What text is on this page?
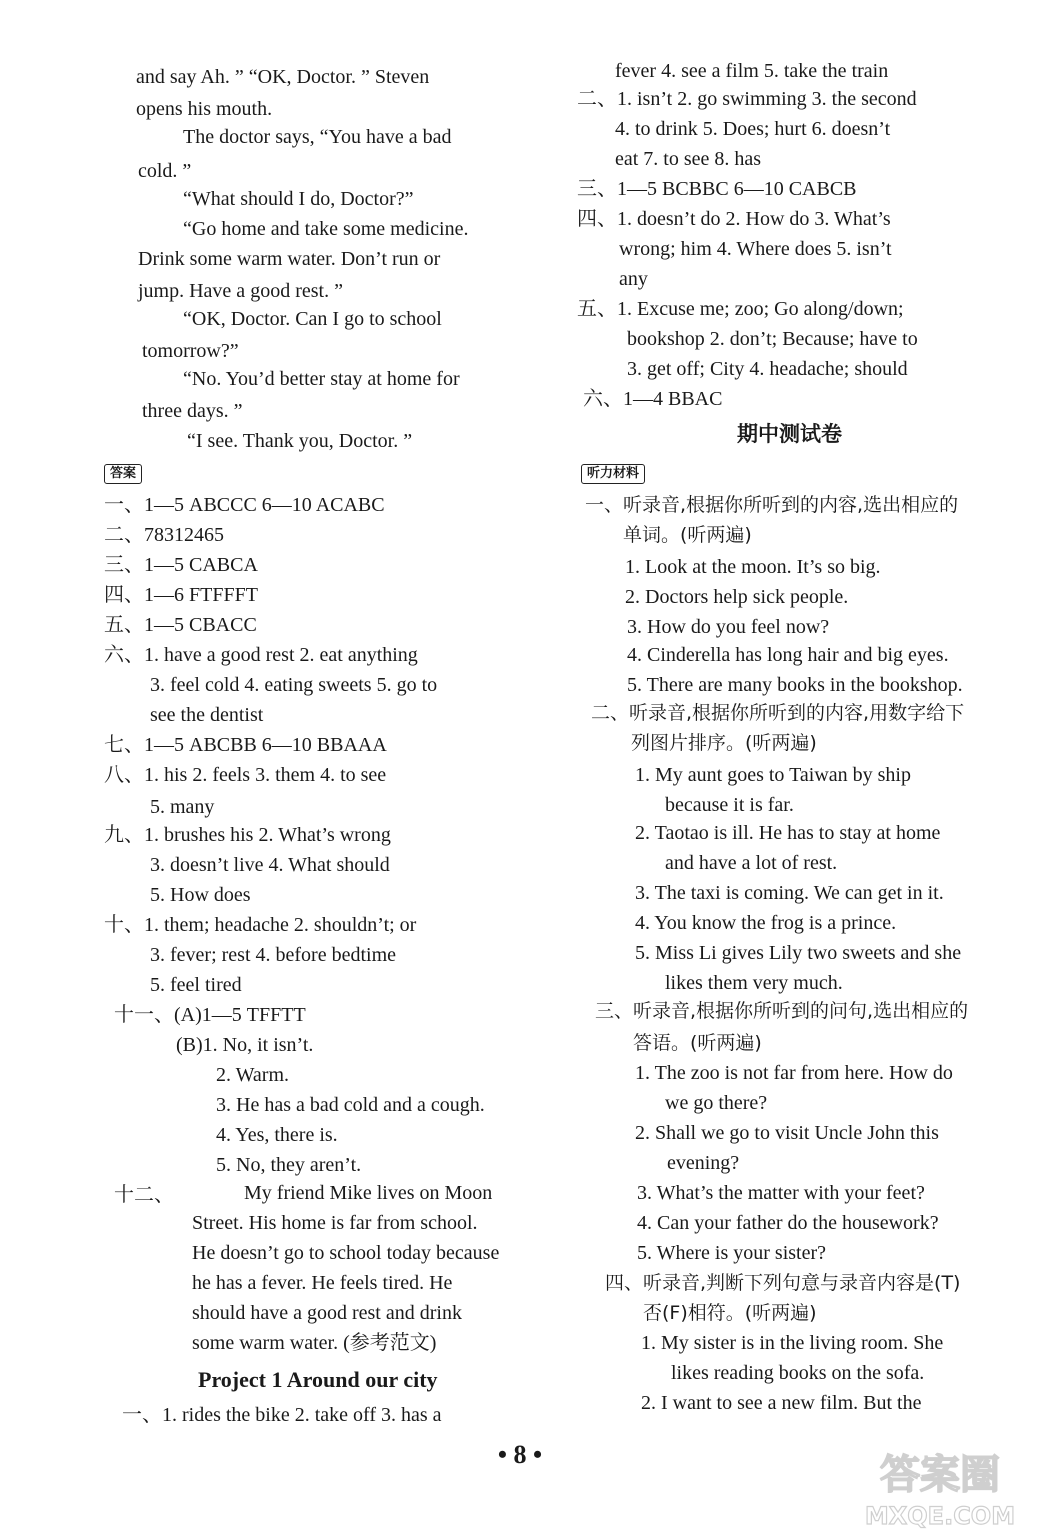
and say Ah. ” “OK, Doctor. ” Steven
opens his mouth.
The doctor says, “You have a bad
cold. ”
“What should I do, Doctor?”
“Go home and take some medicine.
Drink some warm water. Don’t run or
jump. Have a good rest. ”
“OK, Doctor. Can I go to school
tomorrow?”
“No. You’d better stay at home for
three days. ”
“I see. Thank you, Doctor. ”
答案
一、1—5 ABCCC 6—10 ACABC
二、78312465
三、1—5 CABCA
四、1—6 FTFFFT
五、1—5 CBACC
六、1. have a good rest 2. eat anything
3. feel cold 4. eating sweets 5. go to
see the dentist
七、1—5 ABCBB 6—10 BBAAA
八、1. his 2. feels 3. them 4. to see
5. many
九、1. brushes his 2. What’s wrong
3. doesn’t live 4. What should
5. How does
十、1. them; headache 2. shouldn’t; or
3. fever; rest 4. before bedtime
5. feel tired
十一、(A)1—5 TFFTT
(B)1. No, it isn’t.
2. Warm.
3. He has a bad cold and a cough.
4. Yes, there is.
5. No, they aren’t.
十二、	My friend Mike lives on Moon
Street. His home is far from school.
He doesn’t go to school today because
he has a fever. He feels tired. He
should have a good rest and drink
some warm water. (参考范文)
Project 1 Around our city
一、1. rides the bike 2. take off 3. has a
fever 4. see a film 5. take the train
二、1. isn’t 2. go swimming 3. the second
4. to drink 5. Does; hurt 6. doesn’t
eat 7. to see 8. has
三、1—5 BCBBC 6—10 CABCB
四、1. doesn’t do 2. How do 3. What’s
wrong; him 4. Where does 5. isn’t
any
五、1. Excuse me; zoo; Go along/down;
bookshop 2. don’t; Because; have to
3. get off; City 4. headache; should
六、1—4 BBAC
期中测试卷
听力材料
一、听录音,根据你所听到的内容,选出相应的
单词。(听两遍)
1. Look at the moon. It’s so big.
2. Doctors help sick people.
3. How do you feel now?
4. Cinderella has long hair and big eyes.
5. There are many books in the bookshop.
二、听录音,根据你所听到的内容,用数字给下
列图片排序。(听两遍)
1. My aunt goes to Taiwan by ship
because it is far.
2. Taotao is ill. He has to stay at home
and have a lot of rest.
3. The taxi is coming. We can get in it.
4. You know the frog is a prince.
5. Miss Li gives Lily two sweets and she
likes them very much.
三、听录音,根据你所听到的问句,选出相应的
答语。(听两遍)
1. The zoo is not far from here. How do
we go there?
2. Shall we go to visit Uncle John this
evening?
3. What’s the matter with your feet?
4. Can your father do the housework?
5. Where is your sister?
四、听录音,判断下列句意与录音内容是(T)
否(F)相符。(听两遍)
1. My sister is in the living room. She
likes reading books on the sofa.
2. I want to see a new film. But the
• 8 •	答案圈
MXQE.COM
